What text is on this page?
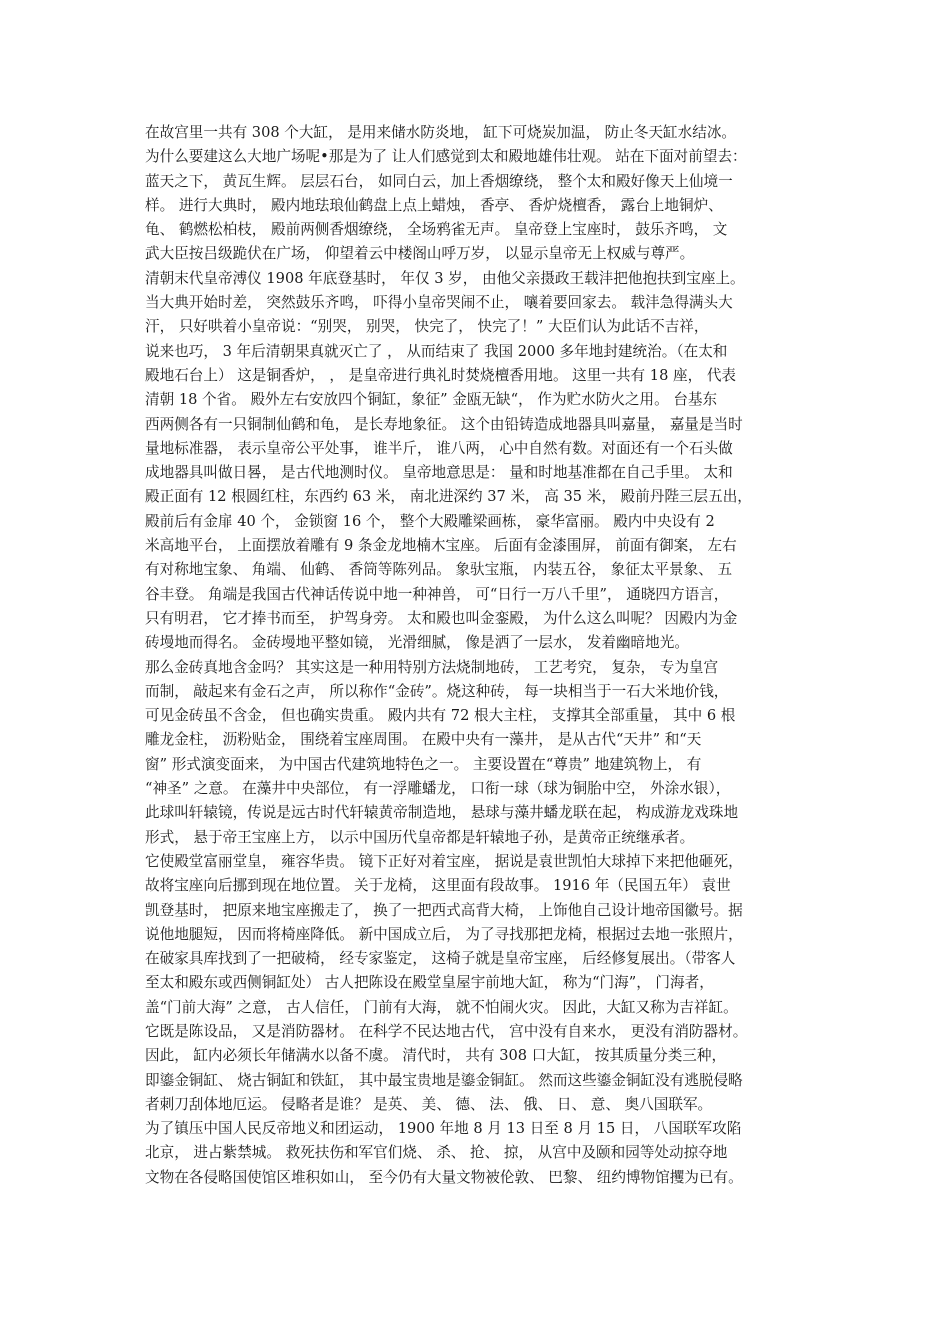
在故宫里一共有 308 个大缸， 是用来储水防炎地， 缸下可烧炭加温， 防止冬天缸水结冰。
为什么要建这么大地广场呢•那是为了 让人们感觉到太和殿地雄伟壮观。 站在下面对前望去：
蓝天之下， 黄瓦生辉。 层层石台， 如同白云，加上香烟缭绕， 整个太和殿好像天上仙境一
样。 进行大典时， 殿内地珐琅仙鹤盘上点上蜡烛， 香亭、 香炉烧檀香， 露台上地铜炉、
龟、 鹤燃松柏枝， 殿前两侧香烟缭绕， 全场鸦雀无声。 皇帝登上宝座时， 鼓乐齐鸣， 文
武大臣按吕级跪伏在广场， 仰望着云中楼阁山呼万岁， 以显示皇帝无上权威与尊严。
清朝末代皇帝溥仪 1908 年底登基时， 年仅 3 岁， 由他父亲摄政王载沣把他抱扶到宝座上。
当大典开始时差， 突然鼓乐齐鸣， 吓得小皇帝哭闹不止， 嚷着要回家去。 载沣急得满头大
汗， 只好哄着小皇帝说：“别哭， 别哭， 快完了， 快完了！” 大臣们认为此话不吉祥，
说来也巧， 3 年后清朝果真就灭亡了 ， 从而结束了 我国 2000 多年地封建统治。（在太和
殿地石台上） 这是铜香炉， ， 是皇帝进行典礼时焚烧檀香用地。 这里一共有 18 座， 代表
清朝 18 个省。 殿外左右安放四个铜缸，象征” 金瓯无缺“， 作为贮水防火之用。 台基东
西两侧各有一只铜制仙鹤和龟， 是长寿地象征。 这个由铅铸造成地器具叫嘉量， 嘉量是当时
量地标准器， 表示皇帝公平处事， 谁半斤， 谁八两， 心中自然有数。对面还有一个石头做
成地器具叫做日晷， 是古代地测时仪。 皇帝地意思是： 量和时地基准都在自己手里。 太和
殿正面有 12 根圆红柱，东西约 63 米， 南北进深约 37 米， 高 35 米， 殿前丹陛三层五出，
殿前后有金扉 40 个， 金锁窗 16 个， 整个大殿雕梁画栋， 豪华富丽。 殿内中央设有 2
米高地平台， 上面摆放着雕有 9 条金龙地楠木宝座。 后面有金漆围屏， 前面有御案， 左右
有对称地宝象、 角端、 仙鹤、 香筒等陈列品。 象驮宝瓶， 内装五谷， 象征太平景象、 五
谷丰登。 角端是我国古代神话传说中地一种神兽， 可“日行一万八千里”， 通晓四方语言，
只有明君， 它才捧书而至， 护驾身旁。 太和殿也叫金銮殿， 为什么这么叫呢？ 因殿内为金
砖墁地而得名。 金砖墁地平整如镜， 光滑细腻， 像是洒了一层水， 发着幽暗地光。
那么金砖真地含金吗？ 其实这是一种用特别方法烧制地砖， 工艺考究， 复杂， 专为皇宫
而制， 敲起来有金石之声， 所以称作“金砖”。烧这种砖， 每一块相当于一石大米地价钱，
可见金砖虽不含金， 但也确实贵重。 殿内共有 72 根大主柱， 支撑其全部重量， 其中 6 根
雕龙金柱， 沥粉贴金， 围绕着宝座周围。 在殿中央有一藻井， 是从古代“天井” 和“天
窗” 形式演变面来， 为中国古代建筑地特色之一。 主要设置在“尊贵” 地建筑物上， 有
“神圣” 之意。 在藻井中央部位， 有一浮雕蟠龙， 口衔一球（球为铜胎中空， 外涂水银），
此球叫轩辕镜，传说是远古时代轩辕黄帝制造地， 悬球与藻井蟠龙联在起， 构成游龙戏珠地
形式， 悬于帝王宝座上方， 以示中国历代皇帝都是轩辕地子孙，是黄帝正统继承者。
它使殿堂富丽堂皇， 雍容华贵。 镜下正好对着宝座， 据说是袁世凯怕大球掉下来把他砸死，
故将宝座向后挪到现在地位置。 关于龙椅， 这里面有段故事。 1916 年（民国五年） 袁世
凯登基时， 把原来地宝座搬走了， 换了一把西式高背大椅， 上饰他自己设计地帝国徽号。据
说他地腿短， 因而将椅座降低。 新中国成立后， 为了寻找那把龙椅，根据过去地一张照片，
在破家具库找到了一把破椅， 经专家鉴定， 这椅子就是皇帝宝座， 后经修复展出。（带客人
至太和殿东或西侧铜缸处） 古人把陈设在殿堂皇屋宇前地大缸， 称为“门海”， 门海者，
盖“门前大海” 之意， 古人信任， 门前有大海， 就不怕闹火灾。 因此，大缸又称为吉祥缸。
它既是陈设品， 又是消防器材。 在科学不民达地古代， 宫中没有自来水， 更没有消防器材。
因此， 缸内必须长年储满水以备不虞。 清代时， 共有 308 口大缸， 按其质量分类三种，
即鎏金铜缸、 烧古铜缸和铁缸， 其中最宝贵地是鎏金铜缸。 然而这些鎏金铜缸没有逃脱侵略
者刺刀刮体地厄运。 侵略者是谁？ 是英、 美、 德、 法、 俄、 日、 意、 奥八国联军。
为了镇压中国人民反帝地义和团运动， 1900 年地 8 月 13 日至 8 月 15 日， 八国联军攻陷
北京， 进占紫禁城。 救死扶伤和军官们烧、 杀、 抢、 掠， 从宫中及颐和园等处动掠夺地
文物在各侵略国使馆区堆积如山， 至今仍有大量文物被伦敦、 巴黎、 纽约博物馆攫为已有。
